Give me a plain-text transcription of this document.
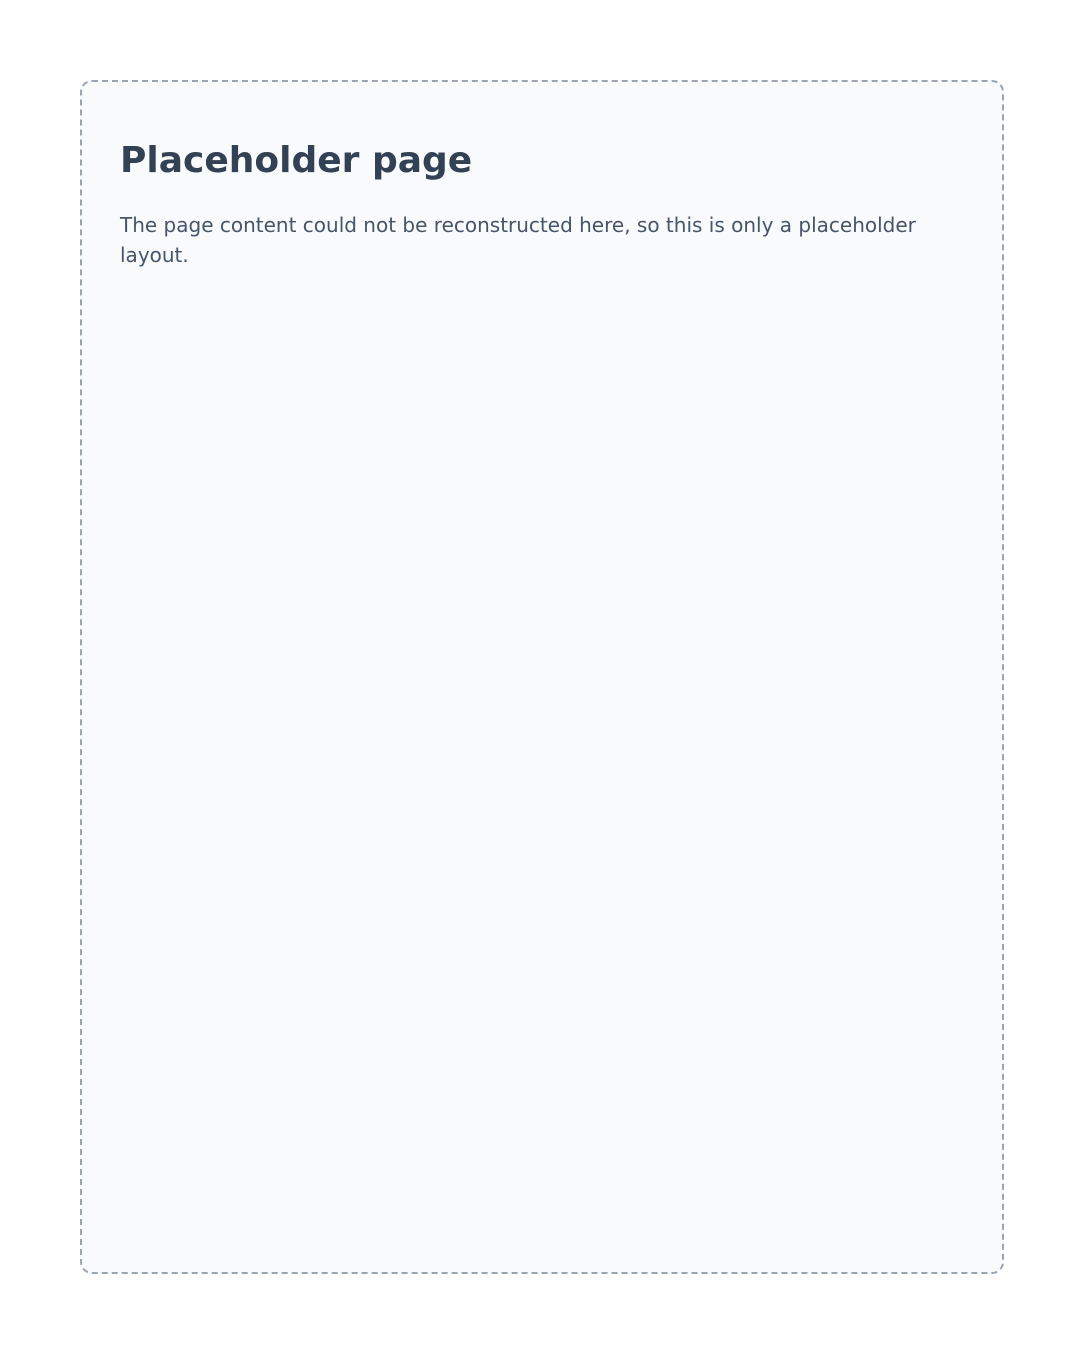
Placeholder page
The page content could not be reconstructed here, so this is only a placeholder layout.
